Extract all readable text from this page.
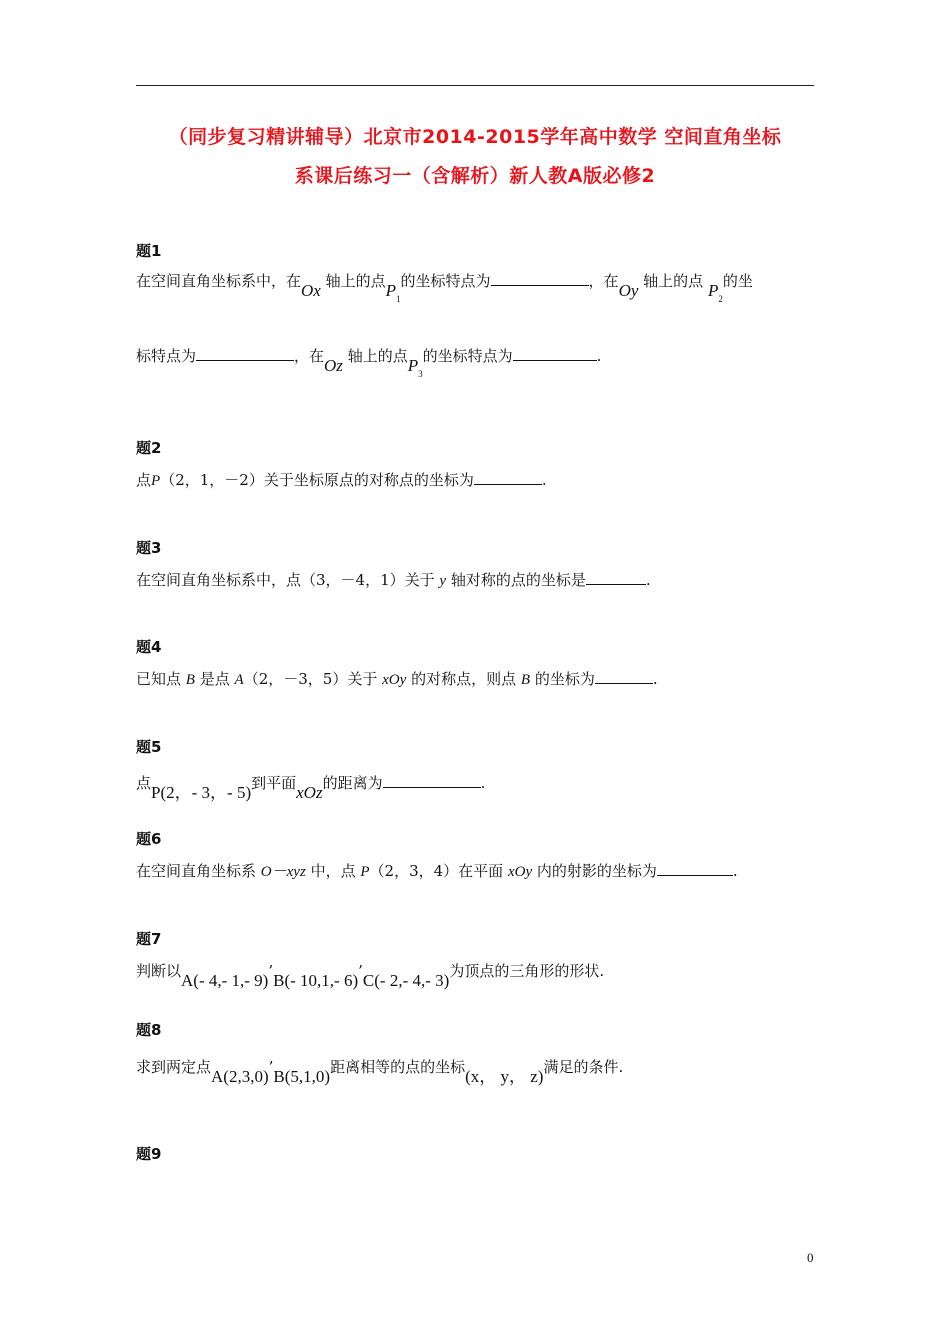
（同步复习精讲辅导）北京市2014-2015学年高中数学 空间直角坐标
系课后练习一（含解析）新人教A版必修2
题1
在空间直角坐标系中，在Ox 轴上的点$P_1$的坐标特点为	，在Oy 轴上的点 $P_2$的坐
标特点为	，在Oz 轴上的点$P_3$的坐标特点为	.
题2
点P（2，1，－2）关于坐标原点的对称点的坐标为	.
题3
在空间直角坐标系中，点（3，－4，1）关于 y 轴对称的点的坐标是	.
题4
已知点 B 是点 A（2，－3，5）关于 xOy 的对称点，则点 B 的坐标为	.
题5
点P(2，- 3，- 5)到平面xOz的距离为	.
题6
在空间直角坐标系 O－xyz 中，点 P（2，3，4）在平面 xOy 内的射影的坐标为	.
题7
判断以A(- 4,- 1,- 9)’B(- 10,1,- 6)’C(- 2,- 4,- 3)为顶点的三角形的形状.
题8
求到两定点A(2,3,0)’B(5,1,0)距离相等的点的坐标(x， y， z)满足的条件.
题9
0
